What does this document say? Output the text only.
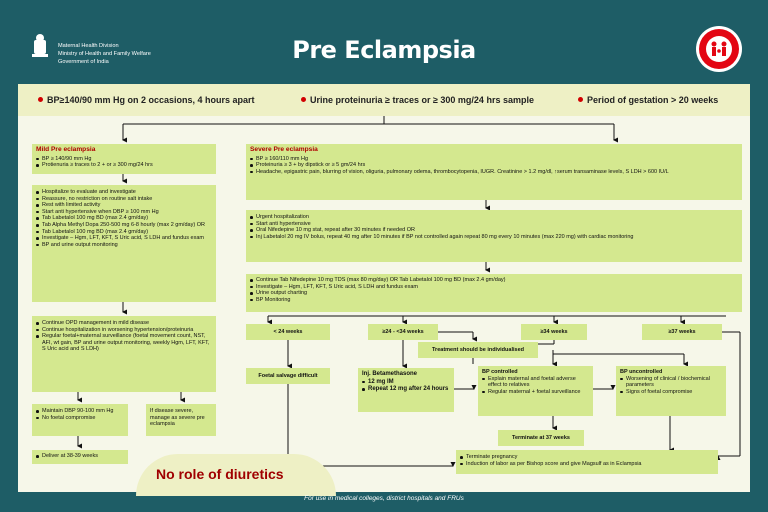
Maternal Health Division
Ministry of Health and Family Welfare
Government of India	Pre Eclampsia
BP≥140/90 mm Hg on 2 occasions, 4 hours apart	Urine proteinuria ≥ traces or ≥ 300 mg/24 hrs sample	Period of gestation > 20 weeks
Mild Pre eclampsia
BP ≥ 140/90 mm Hg
Protienuria ≥ traces to 2 + or ≥ 300 mg/24 hrs
Hospitalize to evaluate and investigate
Reassure, no restriction on routine salt intake
Rest with limited activity
Start anti hypertensive when DBP ≥ 100 mm Hg
Tab Labetalol 100 mg BD (max 2.4 gm/day)
Tab Alpha Methyl Dopa 250-500 mg 6-8 hourly (max 2 gm/day) OR
Tab Labetalol 100 mg BD (max 2.4 gm/day)
Investigate – Hgm, LFT, KFT, S Uric acid, S LDH and fundus exam
BP and urine output monitoring
Continue OPD management in mild disease
Continue hospitalization in worsening hypertension/proteinuria
Regular foetal+maternal surveillance (foetal movement count, NST, AFI, wt gain, BP and urine output monitoring, weekly Hgm, LFT, KFT, S Uric acid and S LDH)
Maintain DBP 90-100 mm Hg
No foetal compromise
If disease severe, manage as severe pre eclampsia
Deliver at 38-39 weeks
No role of diuretics
Severe Pre eclampsia
BP ≥ 160/110 mm Hg
Proteinuria ≥ 3 + by dipstick or ≥ 5 gm/24 hrs
Headache, epigastric pain, blurring of vision, oliguria, pulmonary odema, thrombocytopenia, IUGR. Creatinine > 1.2 mg/dl, ↑serum transaminase levels, S LDH > 600 IU/L
Urgent hospitalization
Start anti hypertensive
Oral Nifedepine 10 mg stat, repeat after 30 minutes if needed OR
Inj Labetalol 20 mg IV bolus, repeat 40 mg after 10 minutes if BP not controlled again repeat 80 mg every 10 minutes (max 220 mg) with cardiac monitoring
Continue Tab Nifedepine 10 mg TDS (max 80 mg/day) OR Tab Labetalol 100 mg BD (max 2.4 gm/day)
Investigate – Hgm, LFT, KFT, S Uric acid, S LDH and fundus exam
Urine output charting
BP Monitoring
< 24 weeks	≥24 - <34 weeks	≥34 weeks	≥37 weeks
Treatment should be individualised
Foetal salvage difficult	Inj. Betamethasone
12 mg IM
Repeat 12 mg after 24 hours
BP controlled
Explain maternal and foetal adverse effect to relatives
Regular maternal + foetal surveillance
BP uncontrolled
Worsening of clinical / biochemical parameters
Signs of foetal compromise
Terminate at 37 weeks
Terminate pregnancy
Induction of labor as per Bishop score and give Magsulf as in Eclampsia
For use in medical colleges, district hospitals and FRUs
